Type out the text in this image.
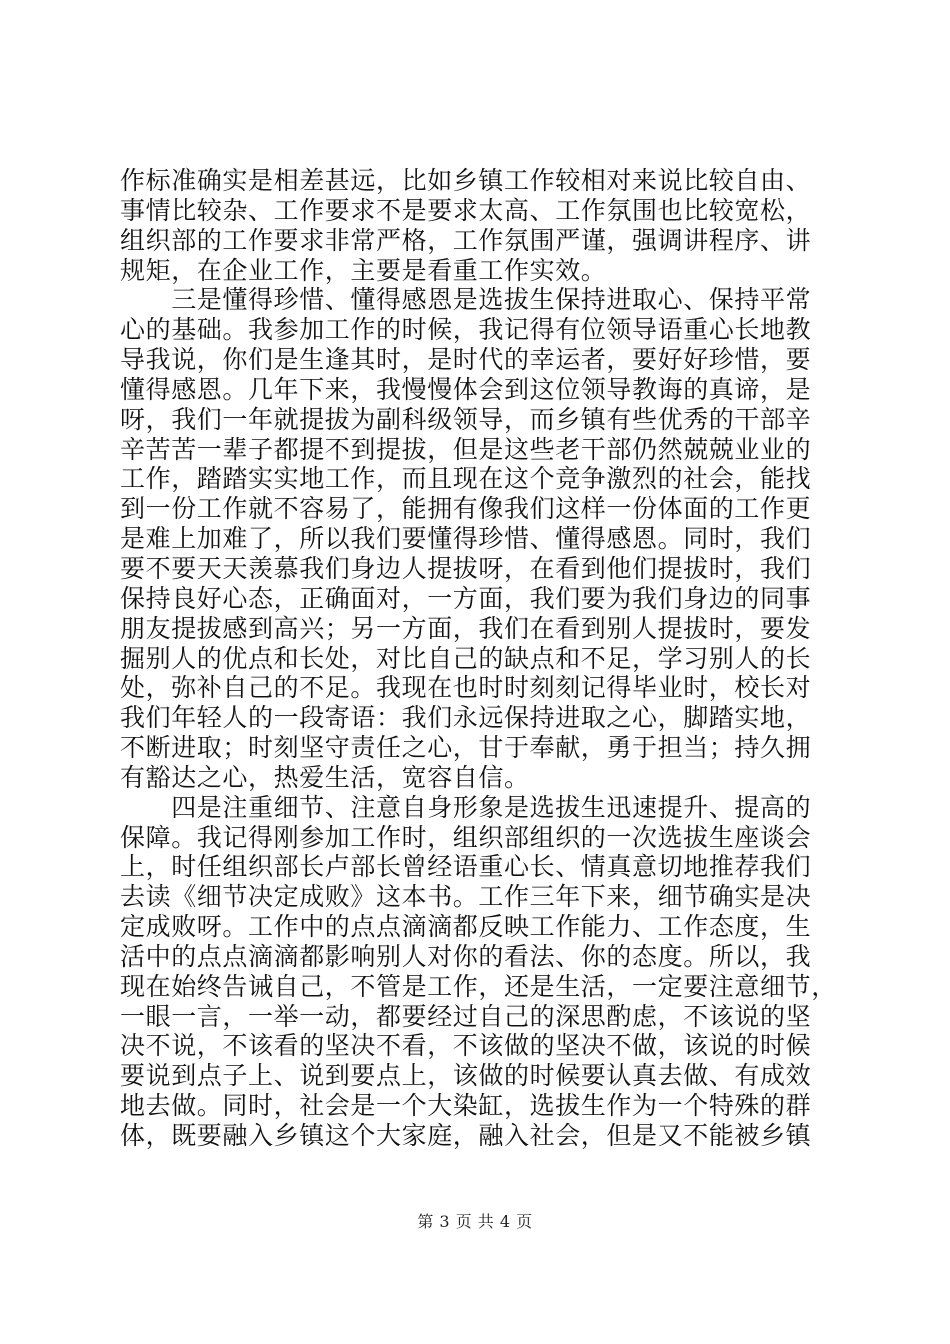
作标准确实是相差甚远，比如乡镇工作较相对来说比较自由、
事情比较杂、工作要求不是要求太高、工作氛围也比较宽松，
组织部的工作要求非常严格，工作氛围严谨，强调讲程序、讲
规矩，在企业工作，主要是看重工作实效。
　　三是懂得珍惜、懂得感恩是选拔生保持进取心、保持平常
心的基础。我参加工作的时候，我记得有位领导语重心长地教
导我说，你们是生逢其时，是时代的幸运者，要好好珍惜，要
懂得感恩。几年下来，我慢慢体会到这位领导教诲的真谛，是
呀，我们一年就提拔为副科级领导，而乡镇有些优秀的干部辛
辛苦苦一辈子都提不到提拔，但是这些老干部仍然兢兢业业的
工作，踏踏实实地工作，而且现在这个竞争激烈的社会，能找
到一份工作就不容易了，能拥有像我们这样一份体面的工作更
是难上加难了，所以我们要懂得珍惜、懂得感恩。同时，我们
要不要天天羡慕我们身边人提拔呀，在看到他们提拔时，我们
保持良好心态，正确面对，一方面，我们要为我们身边的同事
朋友提拔感到高兴；另一方面，我们在看到别人提拔时，要发
掘别人的优点和长处，对比自己的缺点和不足，学习别人的长
处，弥补自己的不足。我现在也时时刻刻记得毕业时，校长对
我们年轻人的一段寄语：我们永远保持进取之心，脚踏实地，
不断进取；时刻坚守责任之心，甘于奉献，勇于担当；持久拥
有豁达之心，热爱生活，宽容自信。
　　四是注重细节、注意自身形象是选拔生迅速提升、提高的
保障。我记得刚参加工作时，组织部组织的一次选拔生座谈会
上，时任组织部长卢部长曾经语重心长、情真意切地推荐我们
去读《细节决定成败》这本书。工作三年下来，细节确实是决
定成败呀。工作中的点点滴滴都反映工作能力、工作态度，生
活中的点点滴滴都影响别人对你的看法、你的态度。所以，我
现在始终告诫自己，不管是工作，还是生活，一定要注意细节，
一眼一言，一举一动，都要经过自己的深思酌虑，不该说的坚
决不说，不该看的坚决不看，不该做的坚决不做，该说的时候
要说到点子上、说到要点上，该做的时候要认真去做、有成效
地去做。同时，社会是一个大染缸，选拔生作为一个特殊的群
体，既要融入乡镇这个大家庭，融入社会，但是又不能被乡镇
第 3 页 共 4 页
